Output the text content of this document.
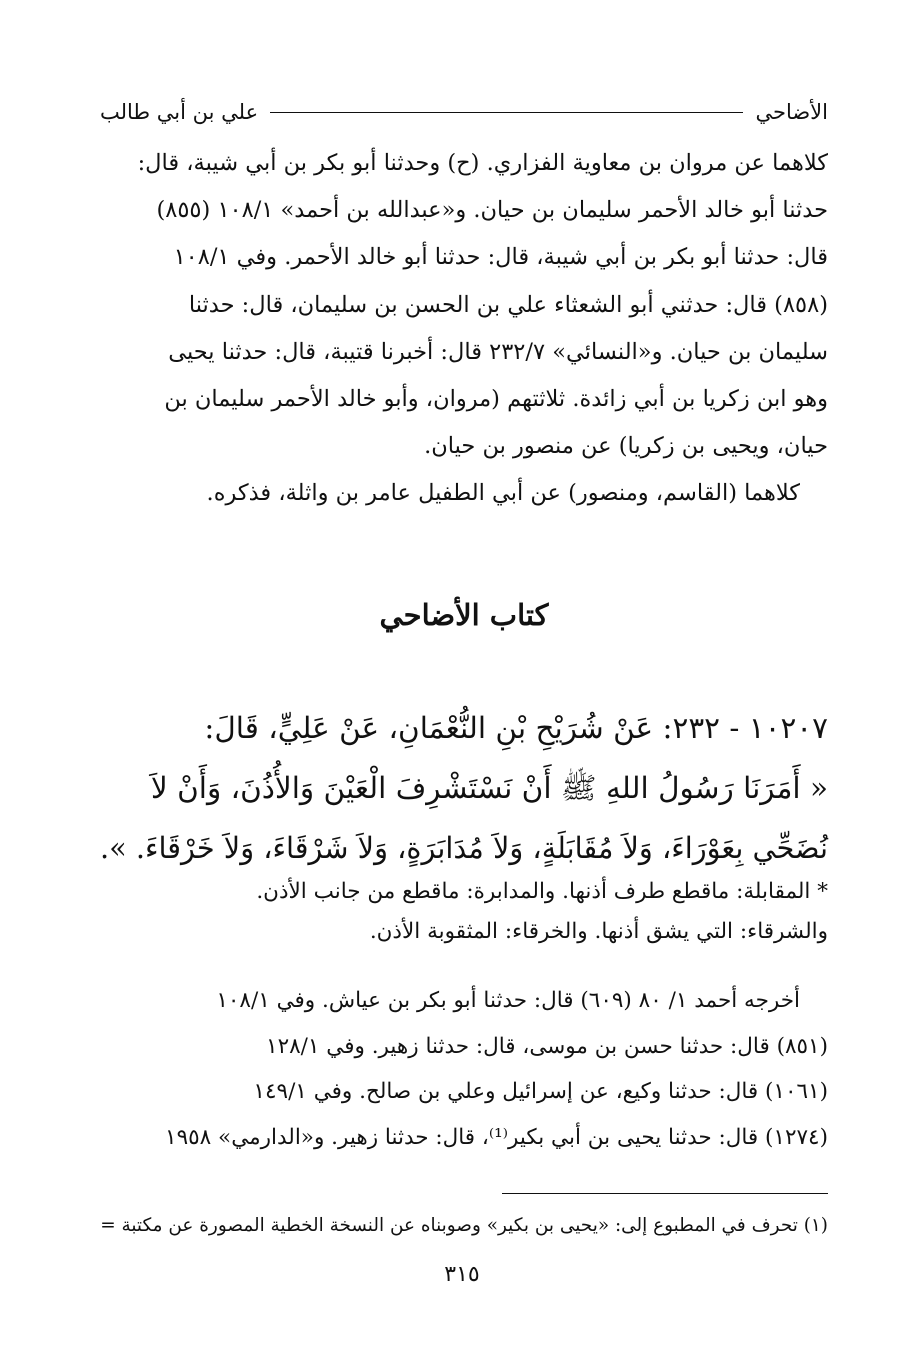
الأضاحي
علي بن أبي طالب
كلاهما عن مروان بن معاوية الفزاري. (ح) وحدثنا أبو بكر بن أبي شيبة، قال:
حدثنا أبو خالد الأحمر سليمان بن حيان. و«عبدالله بن أحمد» ١٠٨/١ (٨٥٥)
قال: حدثنا أبو بكر بن أبي شيبة، قال: حدثنا أبو خالد الأحمر. وفي ١٠٨/١
(٨٥٨) قال: حدثني أبو الشعثاء علي بن الحسن بن سليمان، قال: حدثنا
سليمان بن حيان. و«النسائي» ٢٣٢/٧ قال: أخبرنا قتيبة، قال: حدثنا يحيى
وهو ابن زكريا بن أبي زائدة. ثلاثتهم (مروان، وأبو خالد الأحمر سليمان بن
حيان، ويحيى بن زكريا) عن منصور بن حيان.
كلاهما (القاسم، ومنصور) عن أبي الطفيل عامر بن واثلة، فذكره.
كتاب الأضاحي
١٠٢٠٧ - ٢٣٢: عَنْ شُرَيْحِ بْنِ النُّعْمَانِ، عَنْ عَلِيٍّ، قَالَ:
« أَمَرَنَا رَسُولُ اللهِ ﷺ أَنْ نَسْتَشْرِفَ الْعَيْنَ وَالأُذُنَ، وَأَنْ لاَ
نُضَحِّي بِعَوْرَاءَ، وَلاَ مُقَابَلَةٍ، وَلاَ مُدَابَرَةٍ، وَلاَ شَرْقَاءَ، وَلاَ خَرْقَاءَ. ».
* المقابلة: ماقطع طرف أذنها. والمدابرة: ماقطع من جانب الأذن.
والشرقاء: التي يشق أذنها. والخرقاء: المثقوبة الأذن.
أخرجه أحمد ١/ ٨٠ (٦٠٩) قال: حدثنا أبو بكر بن عياش. وفي ١٠٨/١
(٨٥١) قال: حدثنا حسن بن موسى، قال: حدثنا زهير. وفي ١٢٨/١
(١٠٦١) قال: حدثنا وكيع، عن إسرائيل وعلي بن صالح. وفي ١٤٩/١
(١٢٧٤) قال: حدثنا يحيى بن أبي بكير⁽¹⁾، قال: حدثنا زهير. و«الدارمي» ١٩٥٨
(١) تحرف في المطبوع إلى: «يحيى بن بكير» وصوبناه عن النسخة الخطية المصورة عن مكتبة =
٣١٥
